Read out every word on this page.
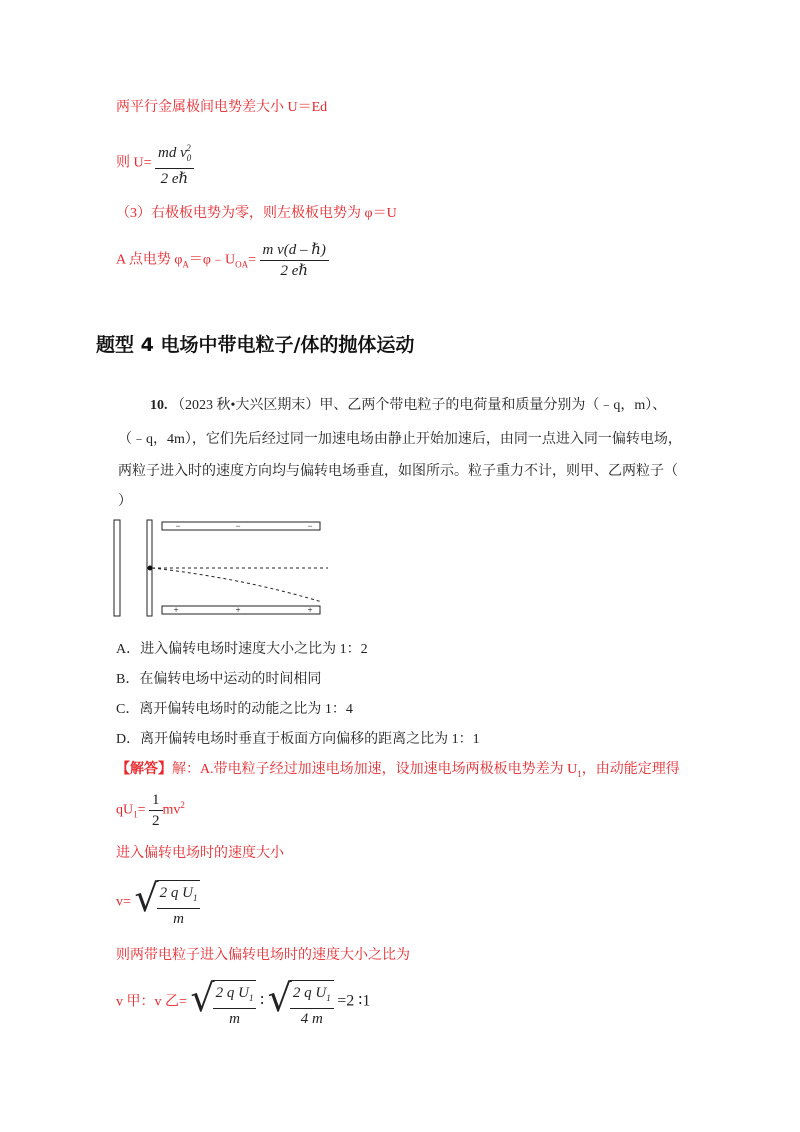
两平行金属极间电势差大小 U＝Ed
则 $U= \frac{md v_0^2}{\text{2 eℏ}}$
（3）右极板电势为零，则左极板电势为 φ＝U
A 点电势 $\varphi_A=\varphi﹣U_{OA}= \frac{\text{m v(d – ℏ)}}{\text{2 eℏ}}$
题型 4 电场中带电粒子/体的抛体运动
10. （2023 秋•大兴区期末）甲、乙两个带电粒子的电荷量和质量分别为（﹣q，m）、
（﹣q，4m），它们先后经过同一加速电场由静止开始加速后，由同一点进入同一偏转电场，
两粒子进入时的速度方向均与偏转电场垂直，如图所示。粒子重力不计，则甲、乙两粒子（
）
−	−	−
+	+	+
A．进入偏转电场时速度大小之比为 1：2
B．在偏转电场中运动的时间相同
C．离开偏转电场时的动能之比为 1：4
D．离开偏转电场时垂直于板面方向偏移的距离之比为 1：1
【解答】解：A.带电粒子经过加速电场加速，设加速电场两极板电势差为 $U_1$，由动能定理得
$qU_1= \frac{1}{2} mv^2$
进入偏转电场时的速度大小
v= √
$\frac{2 q U_1}{m}$
则两带电粒子进入偏转电场时的速度大小之比为
v 甲：v 乙= √
$\frac{2 q U_1}{m}$ ∶ √
$\frac{2 q U_1}{4 m} =2$ ∶1
